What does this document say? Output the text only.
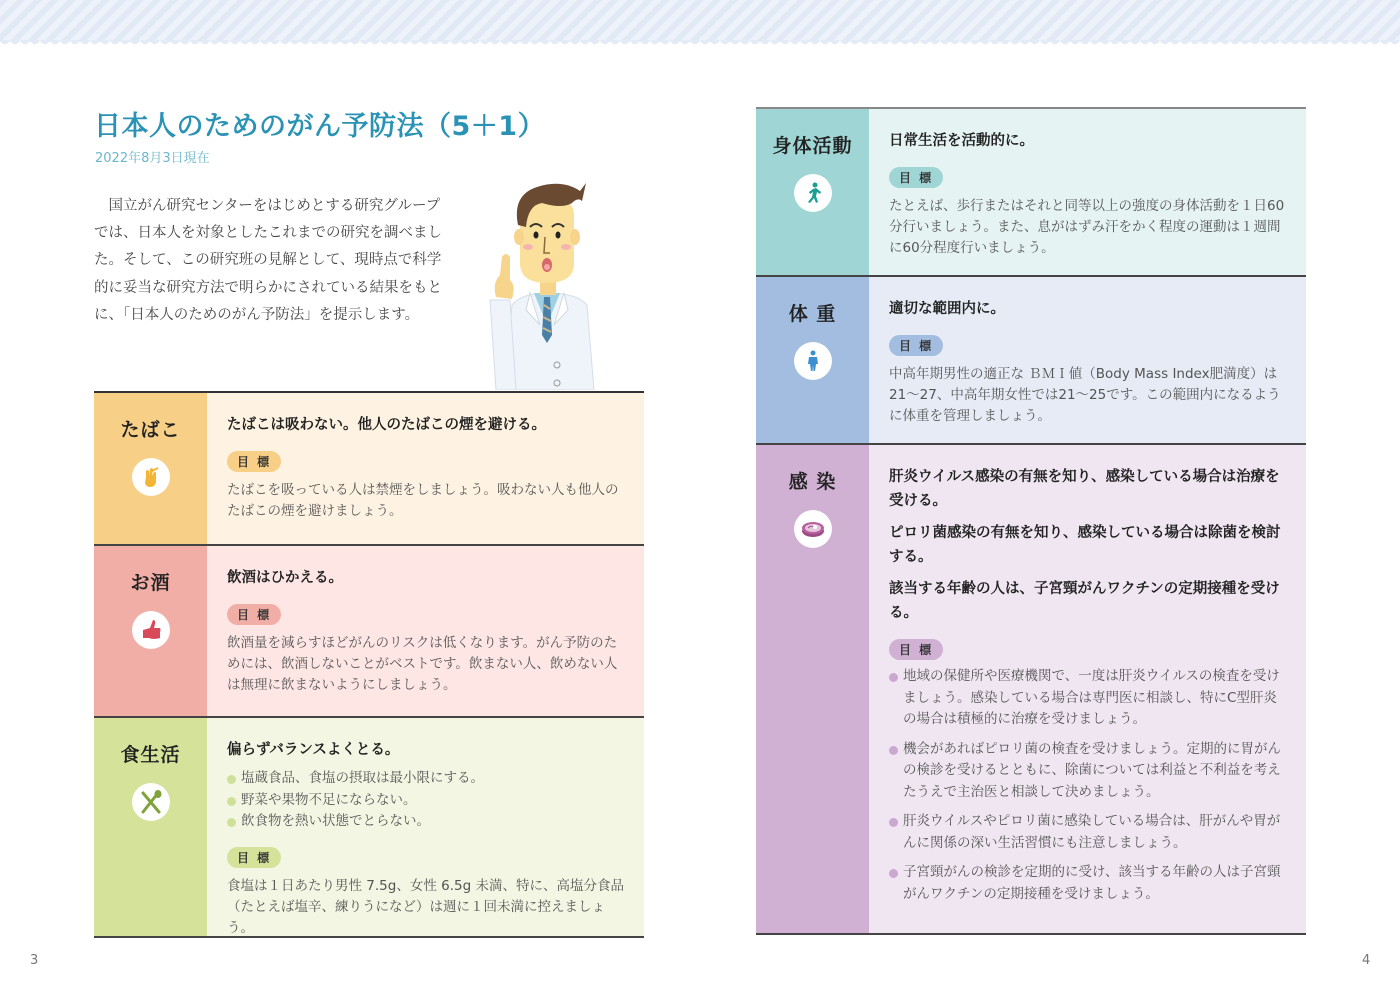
日本人のためのがん予防法（5＋1）
2022年8月3日現在

国立がん研究センターをはじめとする研究グループでは、日本人を対象としたこれまでの研究を調べました。そして、この研究班の見解として、現時点で科学的に妥当な研究方法で明らかにされている結果をもとに、「日本人のためのがん予防法」を提示します。

たばこ	たばこは吸わない。他人のたばこの煙を避ける。
目 標

たばこを吸っている人は禁煙をしましょう。吸わない人も他人のたばこの煙を避けましょう。

お酒	飲酒はひかえる。
目 標

飲酒量を減らすほどがんのリスクは低くなります。がん予防のためには、飲酒しないことがベストです。飲まない人、飲めない人は無理に飲まないようにしましょう。

食生活	偏らずバランスよくとる。
塩蔵食品、食塩の摂取は最小限にする。
野菜や果物不足にならない。
飲食物を熱い状態でとらない。
目 標

食塩は１日あたり男性 7.5g、女性 6.5g 未満、特に、高塩分食品（たとえば塩辛、練りうになど）は週に１回未満に控えましょう。

身体活動	日常生活を活動的に。
目 標

たとえば、歩行またはそれと同等以上の強度の身体活動を１日60分行いましょう。また、息がはずみ汗をかく程度の運動は１週間に60分程度行いましょう。

体 重	適切な範囲内に。
目 標

中高年期男性の適正な ＢＭＩ値（Body Mass Index肥満度）は21〜27、中高年期女性では21〜25です。この範囲内になるように体重を管理しましょう。

感 染	肝炎ウイルス感染の有無を知り、感染している場合は治療を受ける。
ピロリ菌感染の有無を知り、感染している場合は除菌を検討する。
該当する年齢の人は、子宮頸がんワクチンの定期接種を受ける。
目 標
地域の保健所や医療機関で、一度は肝炎ウイルスの検査を受けましょう。感染している場合は専門医に相談し、特にC型肝炎の場合は積極的に治療を受けましょう。
機会があればピロリ菌の検査を受けましょう。定期的に胃がんの検診を受けるとともに、除菌については利益と不利益を考えたうえで主治医と相談して決めましょう。
肝炎ウイルスやピロリ菌に感染している場合は、肝がんや胃がんに関係の深い生活習慣にも注意しましょう。
子宮頸がんの検診を定期的に受け、該当する年齢の人は子宮頸がんワクチンの定期接種を受けましょう。
3	4
